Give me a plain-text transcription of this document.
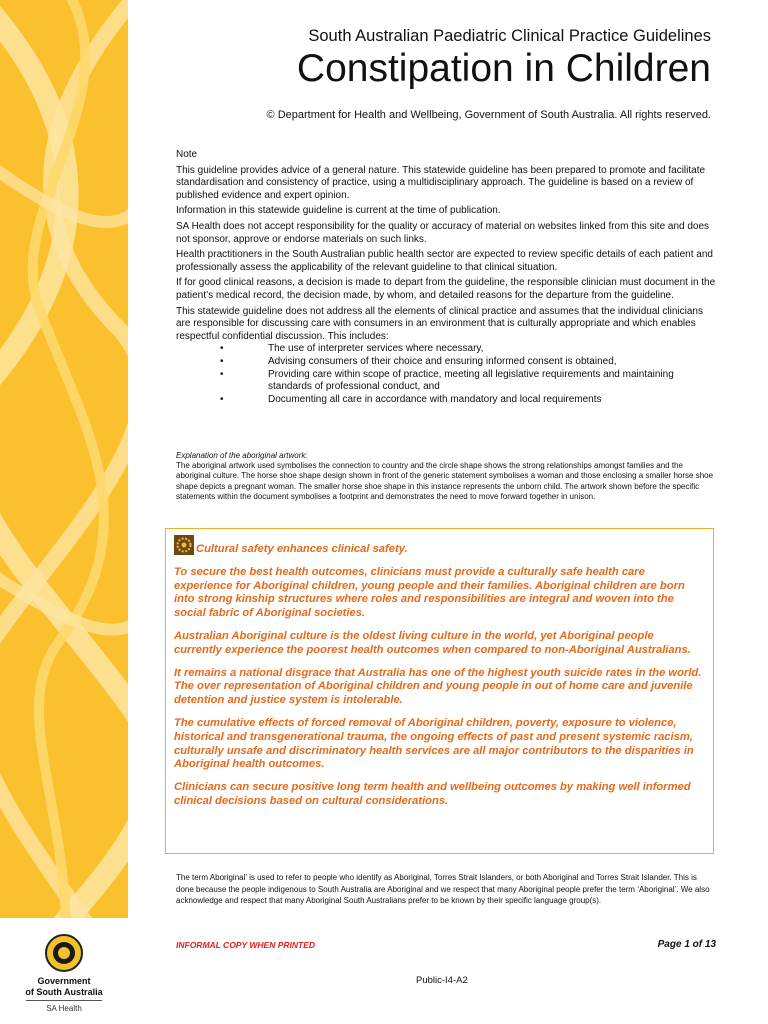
Government
of South Australia
SA Health
South Australian Paediatric Clinical Practice Guidelines
Constipation in Children
© Department for Health and Wellbeing, Government of South Australia. All rights reserved.

Note

This guideline provides advice of a general nature. This statewide guideline has been prepared to promote and facilitate standardisation and consistency of practice, using a multidisciplinary approach. The guideline is based on a review of published evidence and expert opinion.

Information in this statewide guideline is current at the time of publication.

SA Health does not accept responsibility for the quality or accuracy of material on websites linked from this site and does not sponsor, approve or endorse materials on such links.

Health practitioners in the South Australian public health sector are expected to review specific details of each patient and professionally assess the applicability of the relevant guideline to that clinical situation.

If for good clinical reasons, a decision is made to depart from the guideline, the responsible clinician must document in the patient’s medical record, the decision made, by whom, and detailed reasons for the departure from the guideline.

This statewide guideline does not address all the elements of clinical practice and assumes that the individual clinicians are responsible for discussing care with consumers in an environment that is culturally appropriate and which enables respectful confidential discussion. This includes:

•	The use of interpreter services where necessary,
•	Advising consumers of their choice and ensuring informed consent is obtained,
•	Providing care within scope of practice, meeting all legislative requirements and maintaining standards of professional conduct, and
•	Documenting all care in accordance with mandatory and local requirements

Explanation of the aboriginal artwork:

The aboriginal artwork used symbolises the connection to country and the circle shape shows the strong relationships amongst families and the aboriginal culture. The horse shoe shape design shown in front of the generic statement symbolises a woman and those enclosing a smaller horse shoe shape depicts a pregnant woman. The smaller horse shoe shape in this instance represents the unborn child. The artwork shown before the specific statements within the document symbolises a footprint and demonstrates the need to move forward together in unison.

Cultural safety enhances clinical safety.

To secure the best health outcomes, clinicians must provide a culturally safe health care experience for Aboriginal children, young people and their families. Aboriginal children are born into strong kinship structures where roles and responsibilities are integral and woven into the social fabric of Aboriginal societies.

Australian Aboriginal culture is the oldest living culture in the world, yet Aboriginal people currently experience the poorest health outcomes when compared to non-Aboriginal Australians.

It remains a national disgrace that Australia has one of the highest youth suicide rates in the world. The over representation of Aboriginal children and young people in out of home care and juvenile detention and justice system is intolerable.

The cumulative effects of forced removal of Aboriginal children, poverty, exposure to violence, historical and transgenerational trauma, the ongoing effects of past and present systemic racism, culturally unsafe and discriminatory health services are all major contributors to the disparities in Aboriginal health outcomes.

Clinicians can secure positive long term health and wellbeing outcomes by making well informed clinical decisions based on cultural considerations.

The term Aboriginal’ is used to refer to people who identify as Aboriginal, Torres Strait Islanders, or both Aboriginal and Torres Strait Islander. This is done because the people indigenous to South Australia are Aboriginal and we respect that many Aboriginal people prefer the term ‘Aboriginal’. We also acknowledge and respect that many Aboriginal South Australians prefer to be known by their specific language group(s).

INFORMAL COPY WHEN PRINTED	Page 1 of 13
Public-I4-A2
